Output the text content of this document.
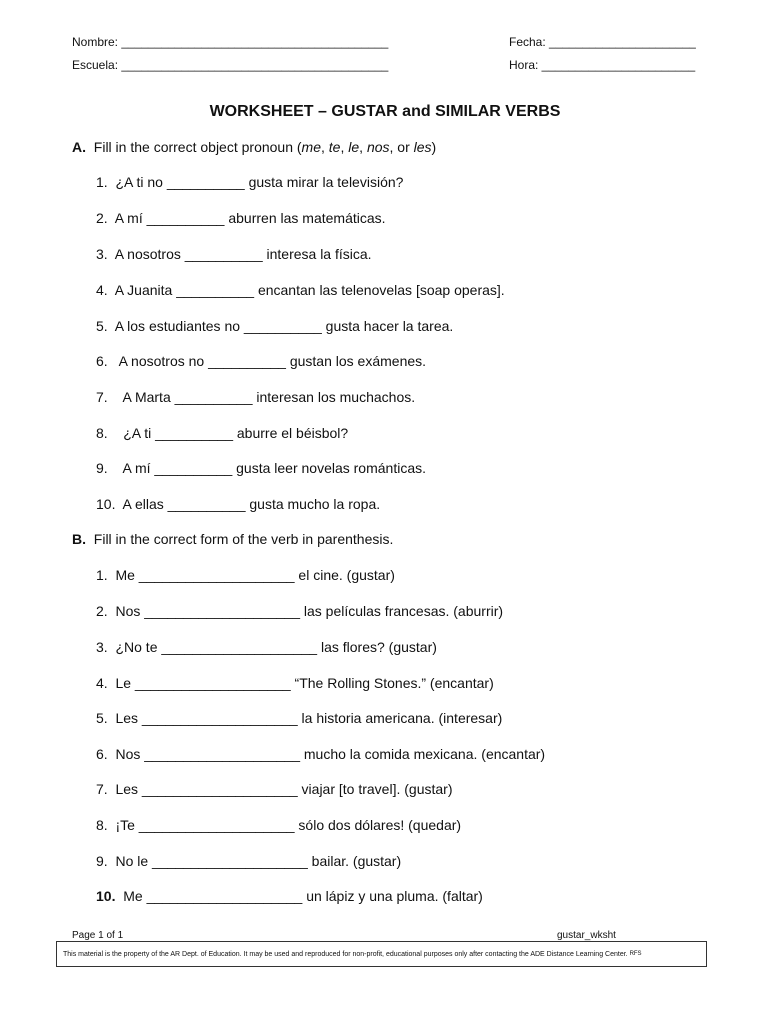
Nombre: ________________________________________	Fecha: ______________________
Escuela: ________________________________________	Hora: _______________________
WORKSHEET – GUSTAR and SIMILAR VERBS
A. Fill in the correct object pronoun (me, te, le, nos, or les)
1. ¿A ti no __________ gusta mirar la televisión?
2. A mí __________ aburren las matemáticas.
3. A nosotros __________ interesa la física.
4. A Juanita __________ encantan las telenovelas [soap operas].
5. A los estudiantes no __________ gusta hacer la tarea.
6. A nosotros no __________ gustan los exámenes.
7. A Marta __________ interesan los muchachos.
8. ¿A ti __________ aburre el béisbol?
9. A mí __________ gusta leer novelas románticas.
10. A ellas __________ gusta mucho la ropa.
B. Fill in the correct form of the verb in parenthesis.
1. Me ____________________ el cine. (gustar)
2. Nos ____________________ las películas francesas. (aburrir)
3. ¿No te ____________________ las flores? (gustar)
4. Le ____________________ “The Rolling Stones.” (encantar)
5. Les ____________________ la historia americana. (interesar)
6. Nos ____________________ mucho la comida mexicana. (encantar)
7. Les ____________________ viajar [to travel]. (gustar)
8. ¡Te ____________________ sólo dos dólares! (quedar)
9. No le ____________________ bailar. (gustar)
10. Me ____________________ un lápiz y una pluma. (faltar)
Page 1 of 1	gustar_wksht
This material is the property of the AR Dept. of Education. It may be used and reproduced for non-profit, educational purposes only after contacting the ADE Distance Learning Center.
RFS
